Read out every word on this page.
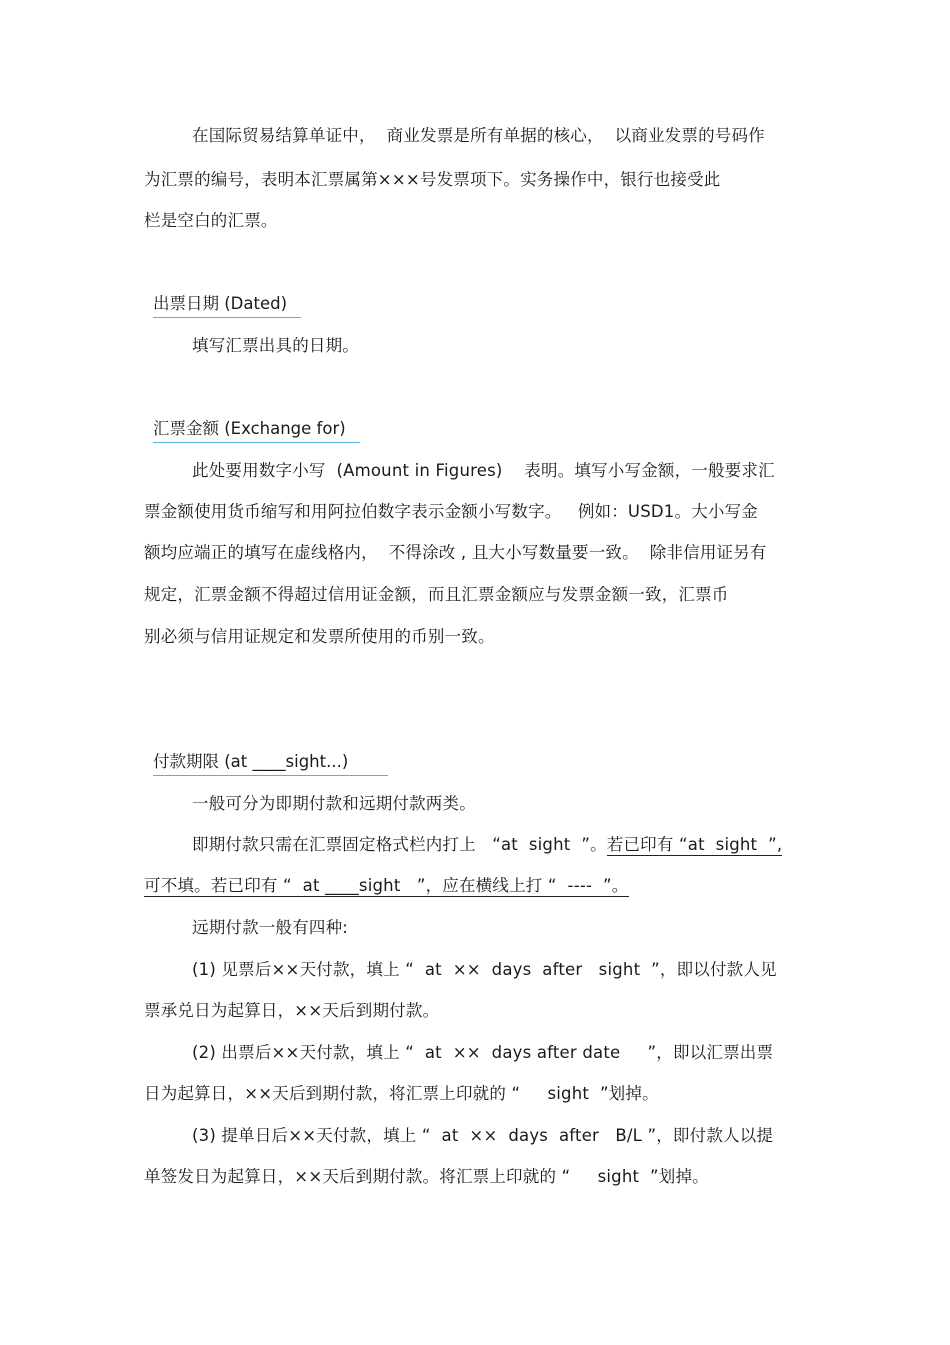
在国际贸易结算单证中，  商业发票是所有单据的核心，  以商业发票的号码作
为汇票的编号，表明本汇票属第×××号发票项下。实务操作中，银行也接受此
栏是空白的汇票。
出票日期 (Dated)
填写汇票出具的日期。
汇票金额 (Exchange for)
此处要用数字小写  (Amount in Figures)    表明。填写小写金额，一般要求汇
票金额使用货币缩写和用阿拉伯数字表示金额小写数字。   例如：USD1。大小写金
额均应端正的填写在虚线格内，  不得涂改 , 且大小写数量要一致。  除非信用证另有
规定，汇票金额不得超过信用证金额，而且汇票金额应与发票金额一致，汇票币
别必须与信用证规定和发票所使用的币别一致。
付款期限 (at ____sight...)
一般可分为即期付款和远期付款两类。
即期付款只需在汇票固定格式栏内打上   “at  sight  ”。若已印有 “at  sight  ”,
可不填。若已印有 “  at ____sight   ”，应在横线上打 “  ----  ”。
远期付款一般有四种:
(1) 见票后××天付款，填上 “  at  ××  days  after   sight  ”，即以付款人见
票承兑日为起算日，××天后到期付款。
(2) 出票后××天付款，填上 “  at  ××  days after date     ”，即以汇票出票
日为起算日，××天后到期付款，将汇票上印就的 “     sight  ”划掉。
(3) 提单日后××天付款，填上 “  at  ××  days  after   B/L ”，即付款人以提
单签发日为起算日，××天后到期付款。将汇票上印就的 “     sight  ”划掉。
